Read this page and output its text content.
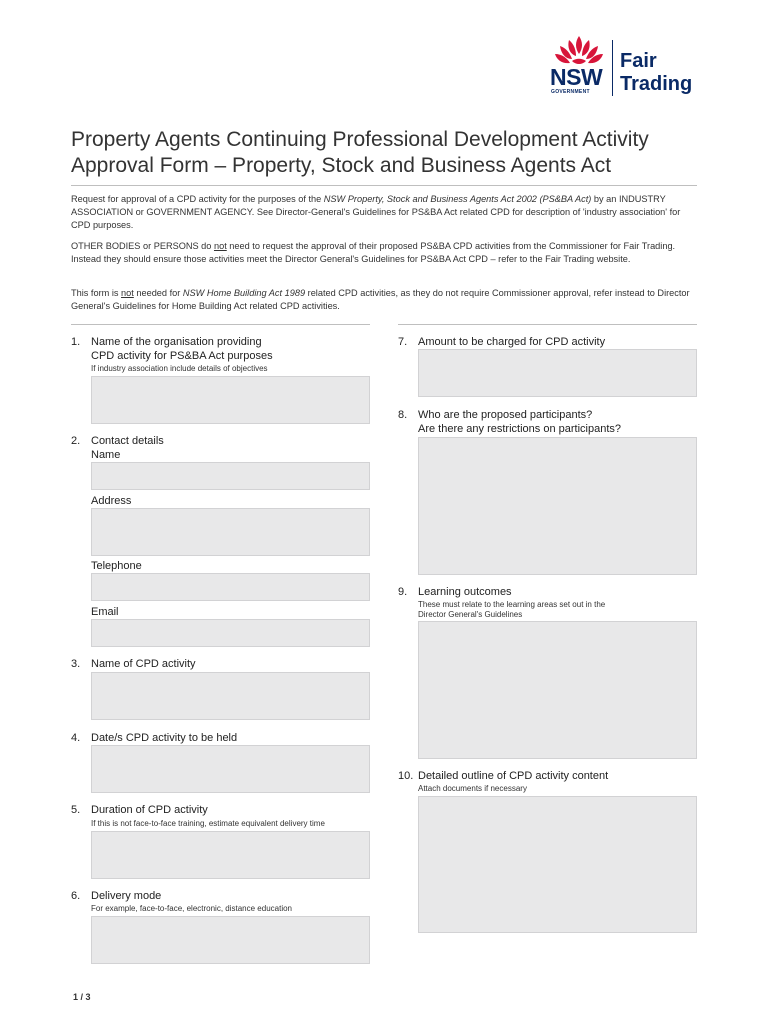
NSW
GOVERNMENT
Fair
Trading
Property Agents Continuing Professional Development Activity
Approval Form – Property, Stock and Business Agents Act
Request for approval of a CPD activity for the purposes of the NSW Property, Stock and Business Agents Act 2002 (PS&BA Act) by an INDUSTRY ASSOCIATION or GOVERNMENT AGENCY. See Director-General's Guidelines for PS&BA Act related CPD for description of 'industry association' for CPD purposes.
OTHER BODIES or PERSONS do not need to request the approval of their proposed PS&BA CPD activities from the Commissioner for Fair Trading. Instead they should ensure those activities meet the Director General's Guidelines for PS&BA Act CPD – refer to the Fair Trading website.
This form is not needed for NSW Home Building Act 1989 related CPD activities, as they do not require Commissioner approval, refer instead to Director General's Guidelines for Home Building Act related CPD activities.
1. Name of the organisation providing
CPD activity for PS&BA Act purposes
If industry association include details of objectives
2. Contact details
Name
Address
Telephone
Email
3. Name of CPD activity
4. Date/s CPD activity to be held
5. Duration of CPD activity
If this is not face-to-face training, estimate equivalent delivery time
6. Delivery mode
For example, face-to-face, electronic, distance education
7. Amount to be charged for CPD activity
8. Who are the proposed participants?
Are there any restrictions on participants?
9. Learning outcomes
These must relate to the learning areas set out in the
Director General's Guidelines
10. Detailed outline of CPD activity content
Attach documents if necessary
1 / 3
